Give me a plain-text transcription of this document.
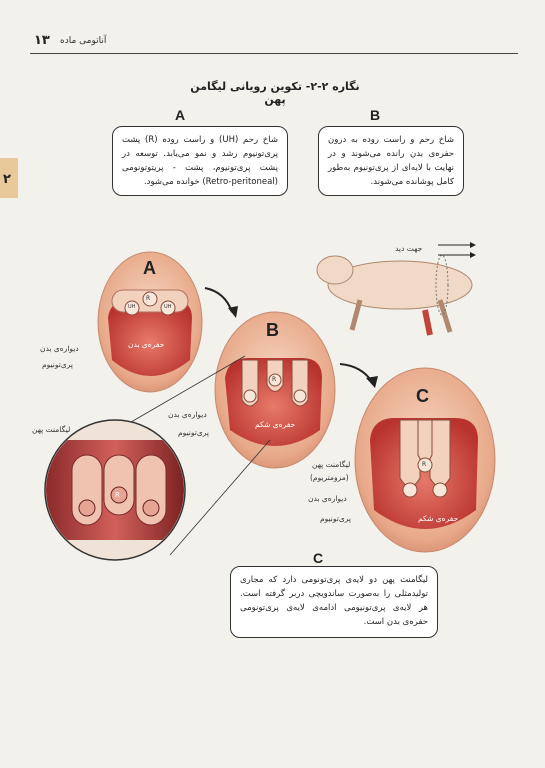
۱۳ آناتومی ماده
۲
نگاره ۲-۲- تکوین رویانی لیگامن پهن
A	B
شاخ رحم (UH) و راست روده (R) پشت پری‌تونیوم رشد و نمو می‌یابد. توسعه در پشت پری‌تونیوم، پشت - پریتوتونومی (Retro-peritoneal) خوانده می‌شود.
شاخ رحم و راست روده به درون حفره‌ی بدن رانده می‌شوند و در نهایت با لایه‌ای از پری‌تونیوم به‌طور کامل پوشانده می‌شوند.
A
B
C
R
UH	UH
R
R
R
حفره‌ی بدن
دیواره‌ی بدن
پری‌تونیوم
دیواره‌ی بدن
پری‌تونیوم
حفره‌ی شکم
لیگامنت پهن
لیگامنت پهن
(مزومتریوم)
دیواره‌ی بدن
پری‌تونیوم	حفره‌ی شکم
جهت دید
C
لیگامنت پهن دو لایه‌ی پری‌تونومی دارد که مجاری تولیدمثلی را به‌صورت ساندویچی دربر گرفته است. هر لایه‌ی پری‌تونیومی ادامه‌ی لایه‌ی پری‌تونومی حفره‌ی بدن است.
